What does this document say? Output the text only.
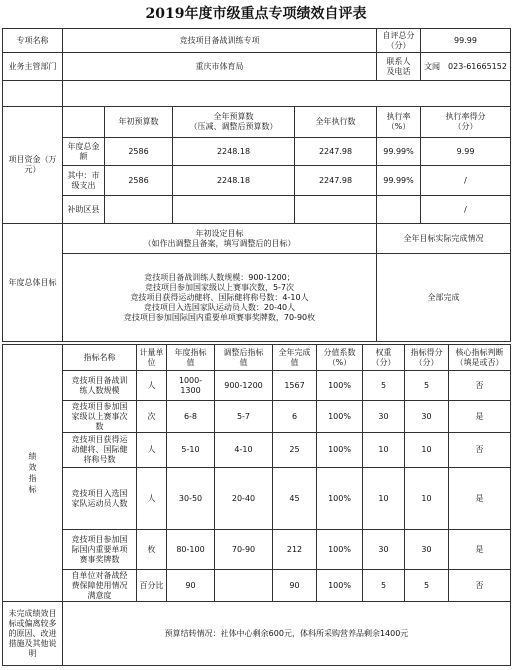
2019年度市级重点专项绩效自评表
专项名称	竞技项目备战训练专项				自评总分
（分）	99.99
业务主管部门	重庆市体育局				联系人
及电话	文闻　023-61665152

项目资金（万元）		年初预算数	全年预算数
（压减、调整后预算数）	全年执行数	执行率
（%）	执行率得分
（分）
	年度总金额	2586	2248.18	2247.98	99.99%	9.99
	其中：市级支出	2586	2248.18	2247.98	99.99%	/
	补助区县					/
年度总体目标	年初设定目标
（如作出调整且备案，填写调整后的目标）				全年目标实际完成情况	
	竞技项目备战训练人数规模：900-1200；
竞技项目参加国家级以上赛事次数，5-7次
竞技项目获得运动健将、国际健将称号数：4-10人
竞技项目入选国家队运动员人数：20-40人
竞技项目参加国际国内重要单项赛事奖牌数，70-90枚				全部完成	
绩
效
指
标	指标名称	计量单
位	年度指标
值	调整后指标
值	全年完成
值	分值系数
（%）	权重
（分）	指标得分
（分）	核心指标判断
（填是或否）
	竞技项目备战训
练人数规模	人	1000-
1300	900-1200	1567	100%	5	5	否
	竞技项目参加国
家级以上赛事次
数	次	6-8	5-7	6	100%	30	30	是
	竞技项目获得运
动健将、国际健
将称号数	人	5-10	4-10	25	100%	10	10	否
	竞技项目入选国
家队运动员人数	人	30-50	20-40	45	100%	10	10	是
	竞技项目参加国
际国内重要单项
赛事奖牌数	枚	80-100	70-90	212	100%	30	30	是
	自单位对备战经
费保障使用情况
满意度	百分比	90		90	100%	5	5	否
未完成绩效目
标或偏离较多
的原因、改进
措施及其他说
明	预算结转情况：社体中心剩余600元，体科所采购营养品剩余1400元								
